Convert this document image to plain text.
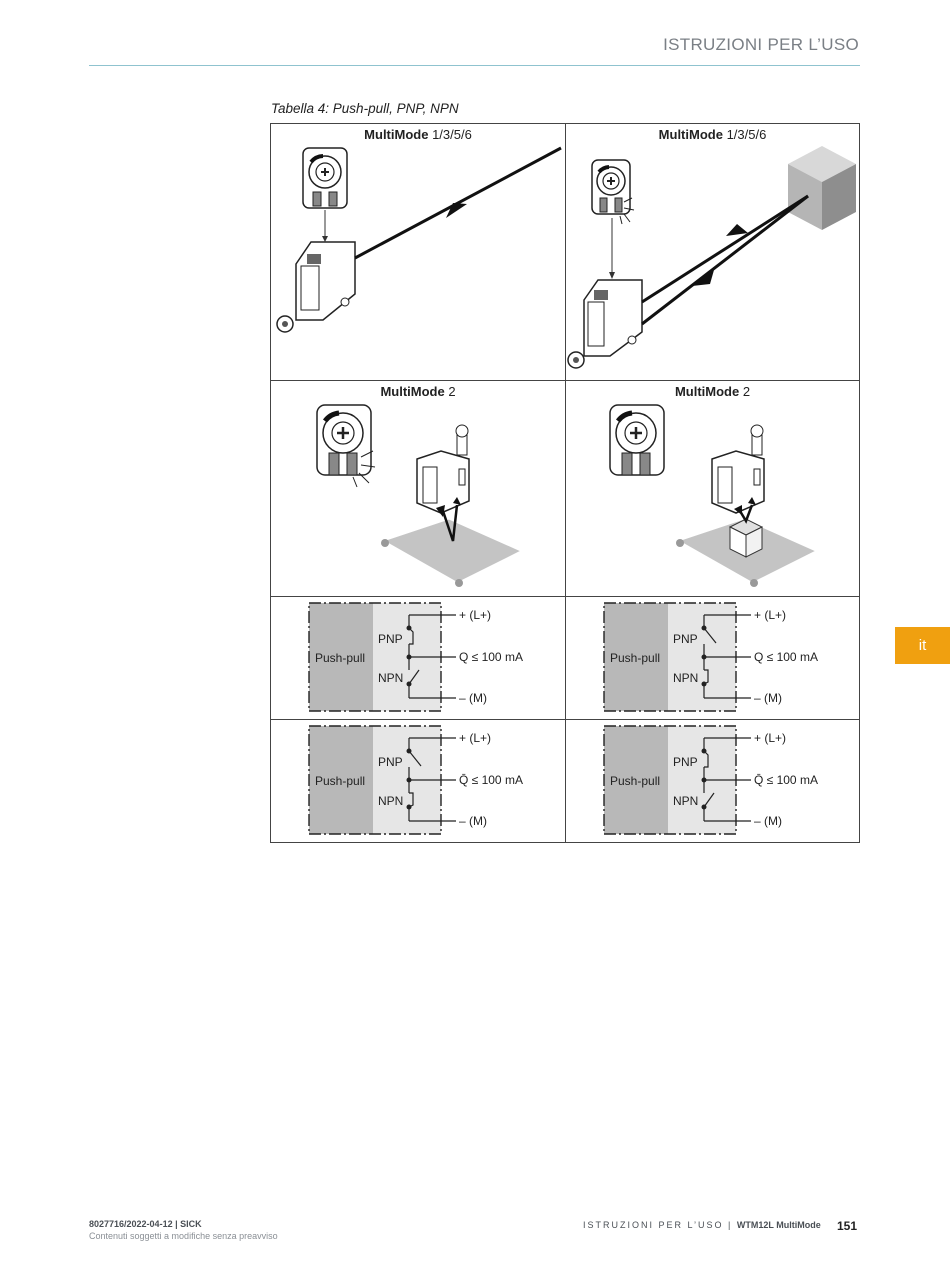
ISTRUZIONI PER L’USO
Tabella 4: Push-pull, PNP, NPN
MultiMode 1/3/5/6	MultiMode 1/3/5/6
MultiMode 2	MultiMode 2
Push-pull
PNP
NPN
+ (L+)
Q ≤ 100 mA
– (M)
Push-pull
PNP
NPN
+ (L+)
Q ≤ 100 mA
– (M)
Push-pull
PNP
NPN
+ (L+)
Q̄ ≤ 100 mA
– (M)
Push-pull
PNP
NPN
+ (L+)
Q̄ ≤ 100 mA
– (M)
it
8027716/2022-04-12 | SICK
Contenuti soggetti a modifiche senza preavviso
ISTRUZIONI PER L’USO | WTM12L MultiMode 151
